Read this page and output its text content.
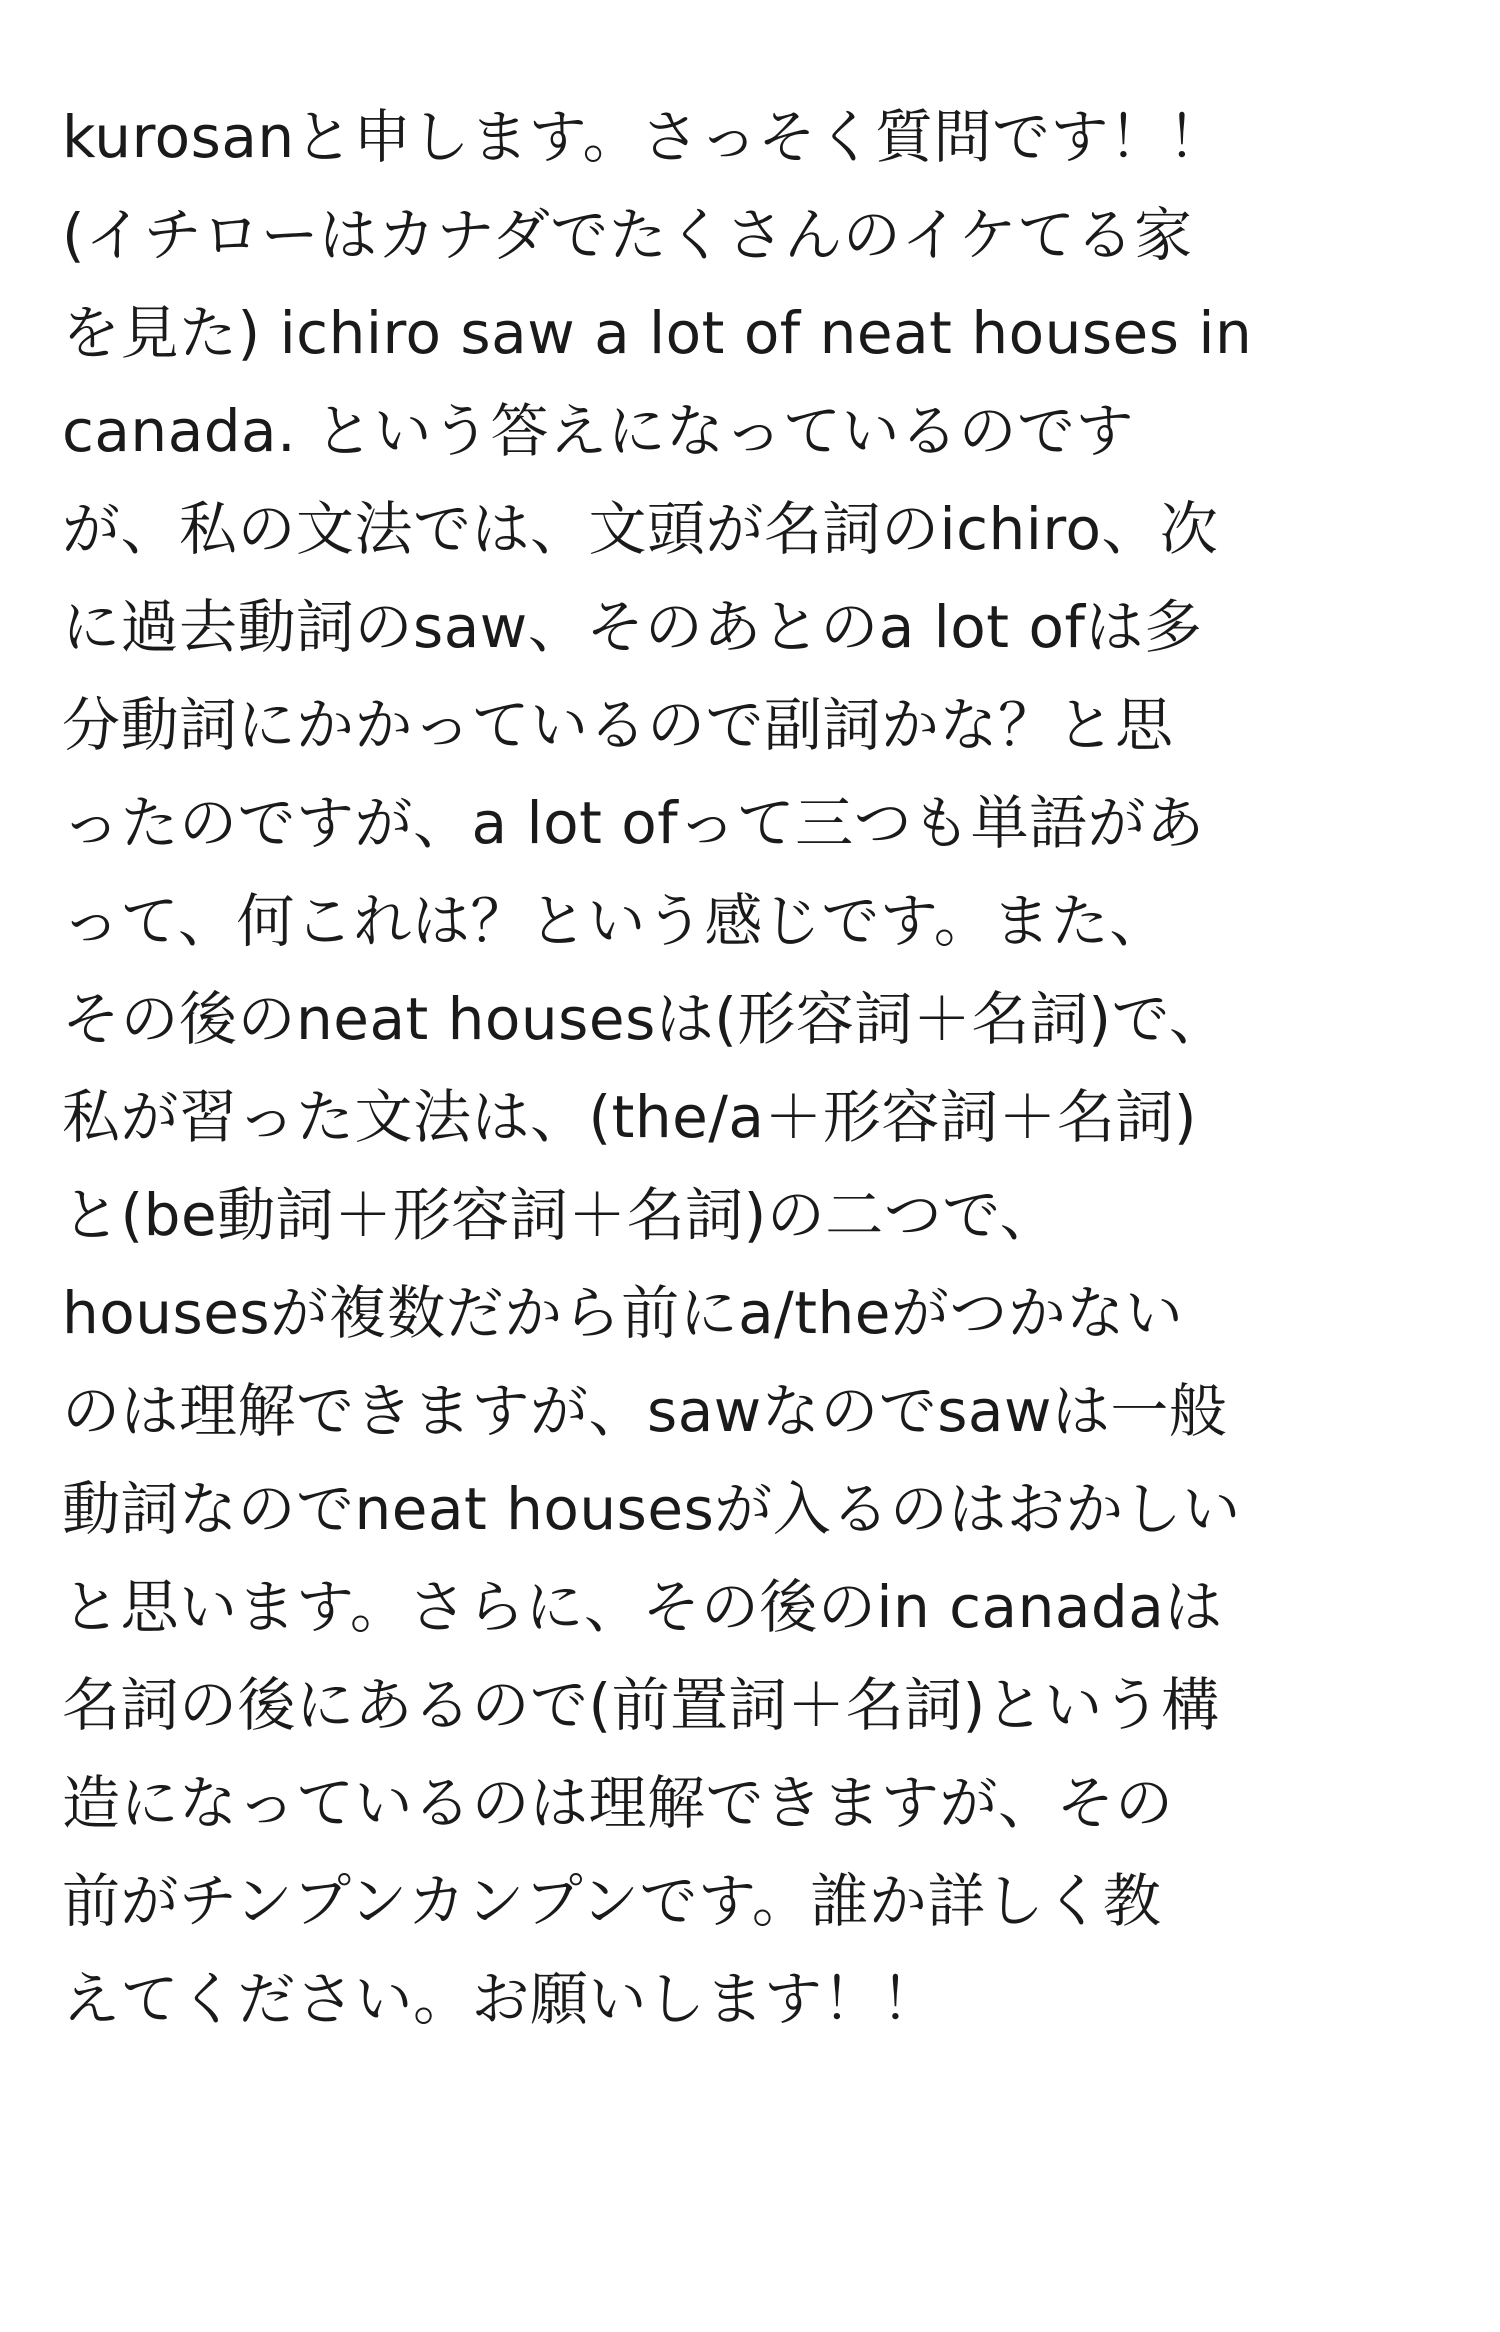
kurosanと申します。さっそく質問です！！
(イチローはカナダでたくさんのイケてる家
を見た) ichiro saw a lot of neat houses in
canada. という答えになっているのです
が、私の文法では、文頭が名詞のichiro、次
に過去動詞のsaw、そのあとのa lot ofは多
分動詞にかかっているので副詞かな？と思
ったのですが、a lot ofって三つも単語があ
って、何これは？という感じです。また、
その後のneat housesは(形容詞＋名詞)で、
私が習った文法は、(the/a＋形容詞＋名詞)
と(be動詞＋形容詞＋名詞)の二つで、
housesが複数だから前にa/theがつかない
のは理解できますが、sawなのでsawは一般
動詞なのでneat housesが入るのはおかしい
と思います。さらに、その後のin canadaは
名詞の後にあるので(前置詞＋名詞)という構
造になっているのは理解できますが、その
前がチンプンカンプンです。誰か詳しく教
えてください。お願いします！！
